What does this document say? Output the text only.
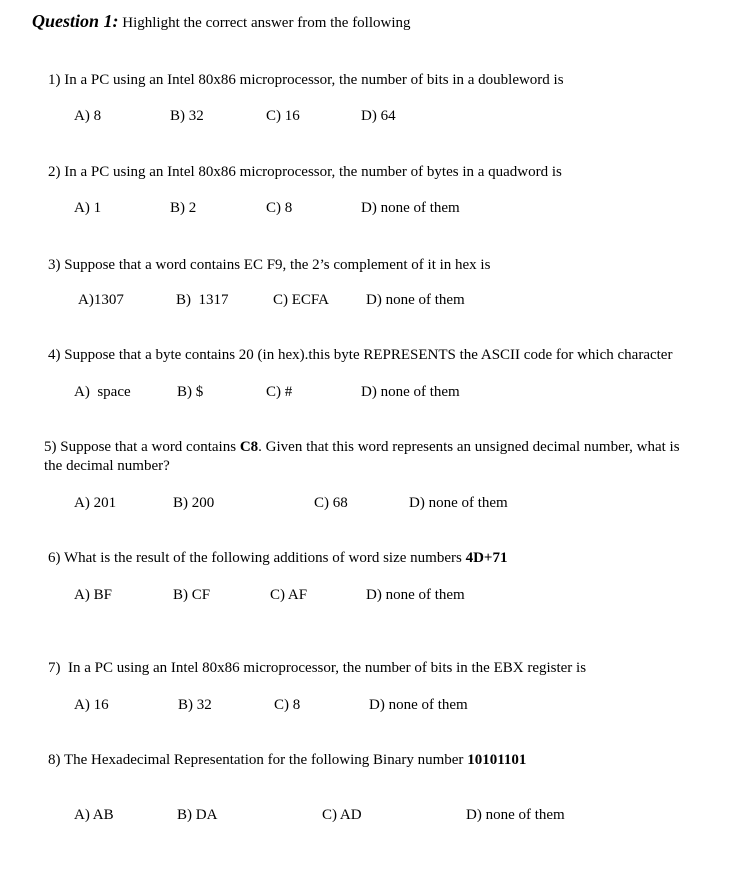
Question 1: Highlight the correct answer from the following
1) In a PC using an Intel 80x86 microprocessor, the number of bits in a doubleword is
A) 8	B) 32	C) 16	D) 64
2) In a PC using an Intel 80x86 microprocessor, the number of bytes in a quadword is
A) 1	B) 2	C) 8	D) none of them
3) Suppose that a word contains EC F9, the 2’s complement of it in hex is
A)1307	B)  1317	C) ECFA D) none of them
4) Suppose that a byte contains 20 (in hex).this byte REPRESENTS the ASCII code for which character
A)  space	B) $	C) #	D) none of them
5) Suppose that a word contains C8. Given that this word represents an unsigned decimal number, what is
the decimal number?
A) 201	B) 200	C) 68	D) none of them
6) What is the result of the following additions of word size numbers 4D+71
A) BF	B) CF	C) AF	D) none of them
7)  In a PC using an Intel 80x86 microprocessor, the number of bits in the EBX register is
A) 16	B) 32	C) 8	D) none of them
8) The Hexadecimal Representation for the following Binary number 10101101
A) AB	B) DA	C) AD	D) none of them
